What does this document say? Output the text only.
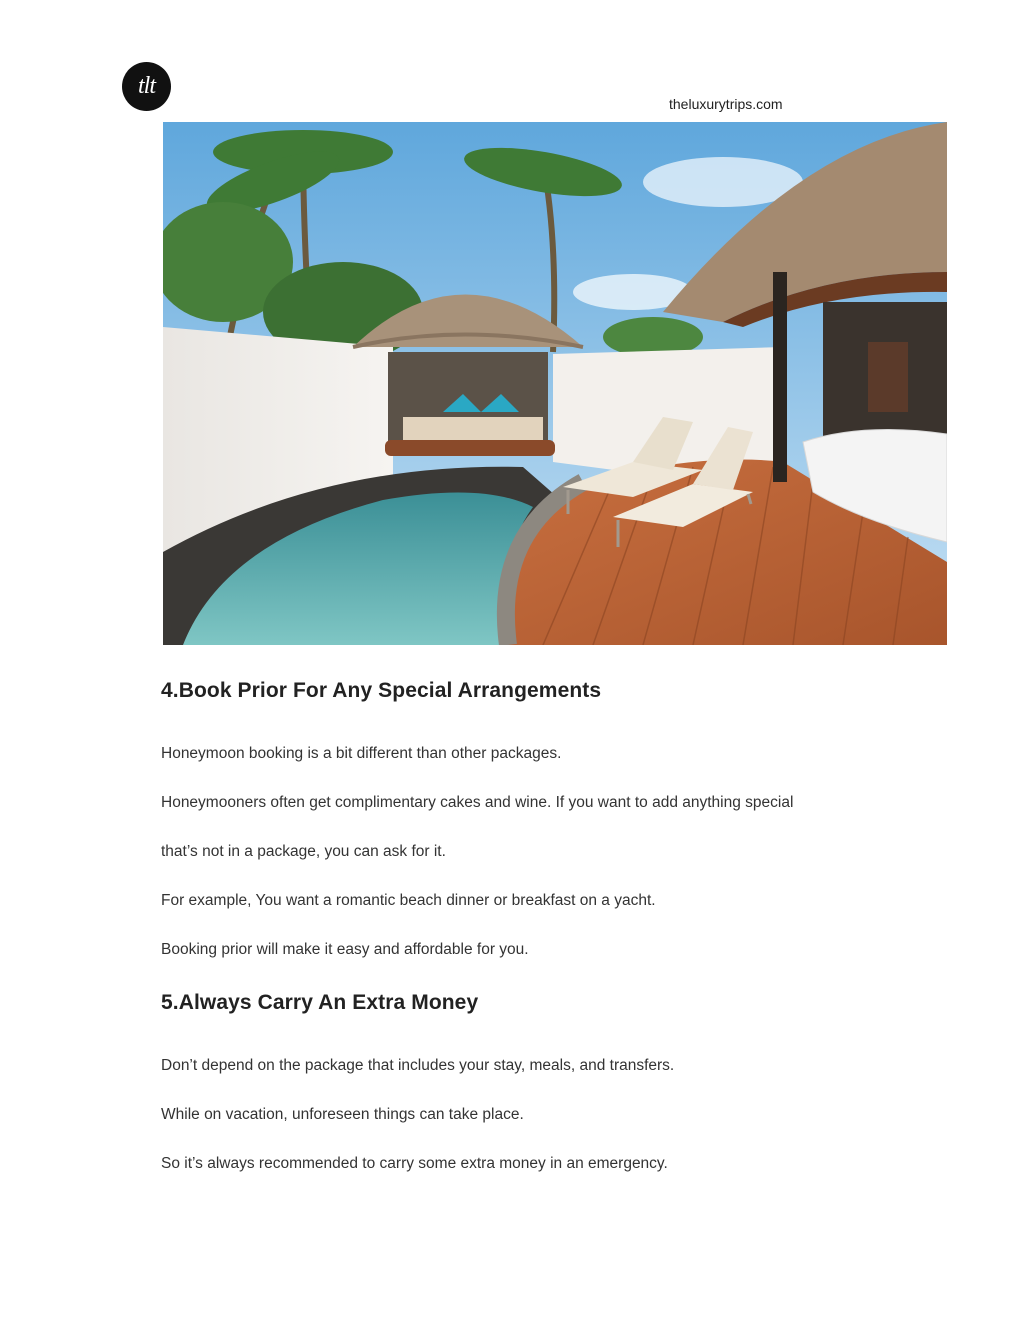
tlt
theluxurytrips.com
4.Book Prior For Any Special Arrangements

Honeymoon booking is a bit different than other packages.

Honeymooners often get complimentary cakes and wine. If you want to add anything special

that’s not in a package, you can ask for it.

For example, You want a romantic beach dinner or breakfast on a yacht.

Booking prior will make it easy and affordable for you.

5.Always Carry An Extra Money

Don’t depend on the package that includes your stay, meals, and transfers.

While on vacation, unforeseen things can take place.

So it’s always recommended to carry some extra money in an emergency.
